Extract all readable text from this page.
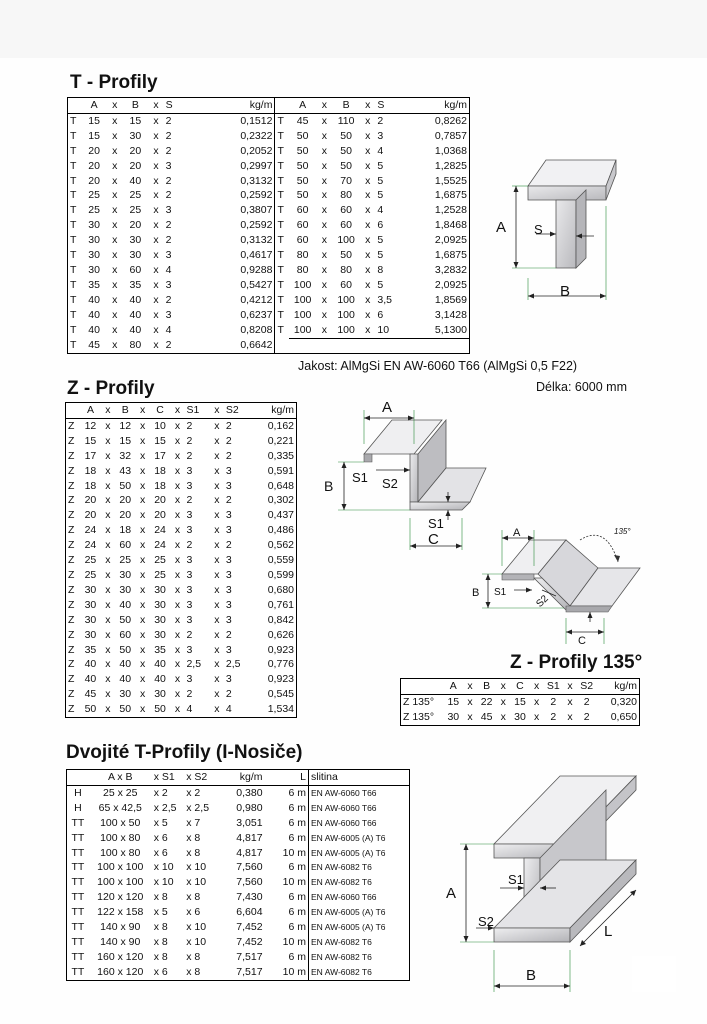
T - Profily
	A	x	B	x	S	kg/m		A	x	B	x	S	kg/m
T	15	x	15	x	2	0,1512	T	45	x	110	x	2	0,8262
T	15	x	30	x	2	0,2322	T	50	x	50	x	3	0,7857
T	20	x	20	x	2	0,2052	T	50	x	50	x	4	1,0368
T	20	x	20	x	3	0,2997	T	50	x	50	x	5	1,2825
T	20	x	40	x	2	0,3132	T	50	x	70	x	5	1,5525
T	25	x	25	x	2	0,2592	T	50	x	80	x	5	1,6875
T	25	x	25	x	3	0,3807	T	60	x	60	x	4	1,2528
T	30	x	20	x	2	0,2592	T	60	x	60	x	6	1,8468
T	30	x	30	x	2	0,3132	T	60	x	100	x	5	2,0925
T	30	x	30	x	3	0,4617	T	80	x	50	x	5	1,6875
T	30	x	60	x	4	0,9288	T	80	x	80	x	8	3,2832
T	35	x	35	x	3	0,5427	T	100	x	60	x	5	2,0925
T	40	x	40	x	2	0,4212	T	100	x	100	x	3,5	1,8569
T	40	x	40	x	3	0,6237	T	100	x	100	x	6	3,1428
T	40	x	40	x	4	0,8208	T	100	x	100	x	10	5,1300
T	45	x	80	x	2	0,6642							
A S
B
Jakost: AlMgSi EN AW-6060 T66 (AlMgSi 0,5 F22)
Délka: 6000 mm
Z - Profily
	A	x	B	x	C	x	S1	x	S2	kg/m
Z	12	x	12	x	10	x	2	x	2	0,162
Z	15	x	15	x	15	x	2	x	2	0,221
Z	17	x	32	x	17	x	2	x	2	0,335
Z	18	x	43	x	18	x	3	x	3	0,591
Z	18	x	50	x	18	x	3	x	3	0,648
Z	20	x	20	x	20	x	2	x	2	0,302
Z	20	x	20	x	20	x	3	x	3	0,437
Z	24	x	18	x	24	x	3	x	3	0,486
Z	24	x	60	x	24	x	2	x	2	0,562
Z	25	x	25	x	25	x	3	x	3	0,559
Z	25	x	30	x	25	x	3	x	3	0,599
Z	30	x	30	x	30	x	3	x	3	0,680
Z	30	x	40	x	30	x	3	x	3	0,761
Z	30	x	50	x	30	x	3	x	3	0,842
Z	30	x	60	x	30	x	2	x	2	0,626
Z	35	x	50	x	35	x	3	x	3	0,923
Z	40	x	40	x	40	x	2,5	x	2,5	0,776
Z	40	x	40	x	40	x	3	x	3	0,923
Z	45	x	30	x	30	x	2	x	2	0,545
Z	50	x	50	x	50	x	4	x	4	1,534
A
B
S1 S2
S1
C	A
B S1
S2
C
135°
Z - Profily 135°
	A	x	B	x	C	x	S1	x	S2	kg/m
Z 135°	15	x	22	x	15	x	2	x	2	0,320
Z 135°	30	x	45	x	30	x	2	x	2	0,650
Dvojité T-Profily (I-Nosiče)
	A x B	x S1	x S2	kg/m	L	slitina
H	25 x 25	x 2	x 2	0,380	6 m	EN AW-6060 T66
H	65 x 42,5	x 2,5	x 2,5	0,980	6 m	EN AW-6060 T66
TT	100 x 50	x 5	x 7	3,051	6 m	EN AW-6060 T66
TT	100 x 80	x 6	x 8	4,817	6 m	EN AW-6005 (A) T6
TT	100 x 80	x 6	x 8	4,817	10 m	EN AW-6005 (A) T6
TT	100 x 100	x 10	x 10	7,560	6 m	EN AW-6082 T6
TT	100 x 100	x 10	x 10	7,560	10 m	EN AW-6082 T6
TT	120 x 120	x 8	x 8	7,430	6 m	EN AW-6060 T66
TT	122 x 158	x 5	x 6	6,604	6 m	EN AW-6005 (A) T6
TT	140 x 90	x 8	x 10	7,452	6 m	EN AW-6005 (A) T6
TT	140 x 90	x 8	x 10	7,452	10 m	EN AW-6082 T6
TT	160 x 120	x 8	x 8	7,517	6 m	EN AW-6082 T6
TT	160 x 120	x 6	x 8	7,517	10 m	EN AW-6082 T6
A
S1
S2
L
B
